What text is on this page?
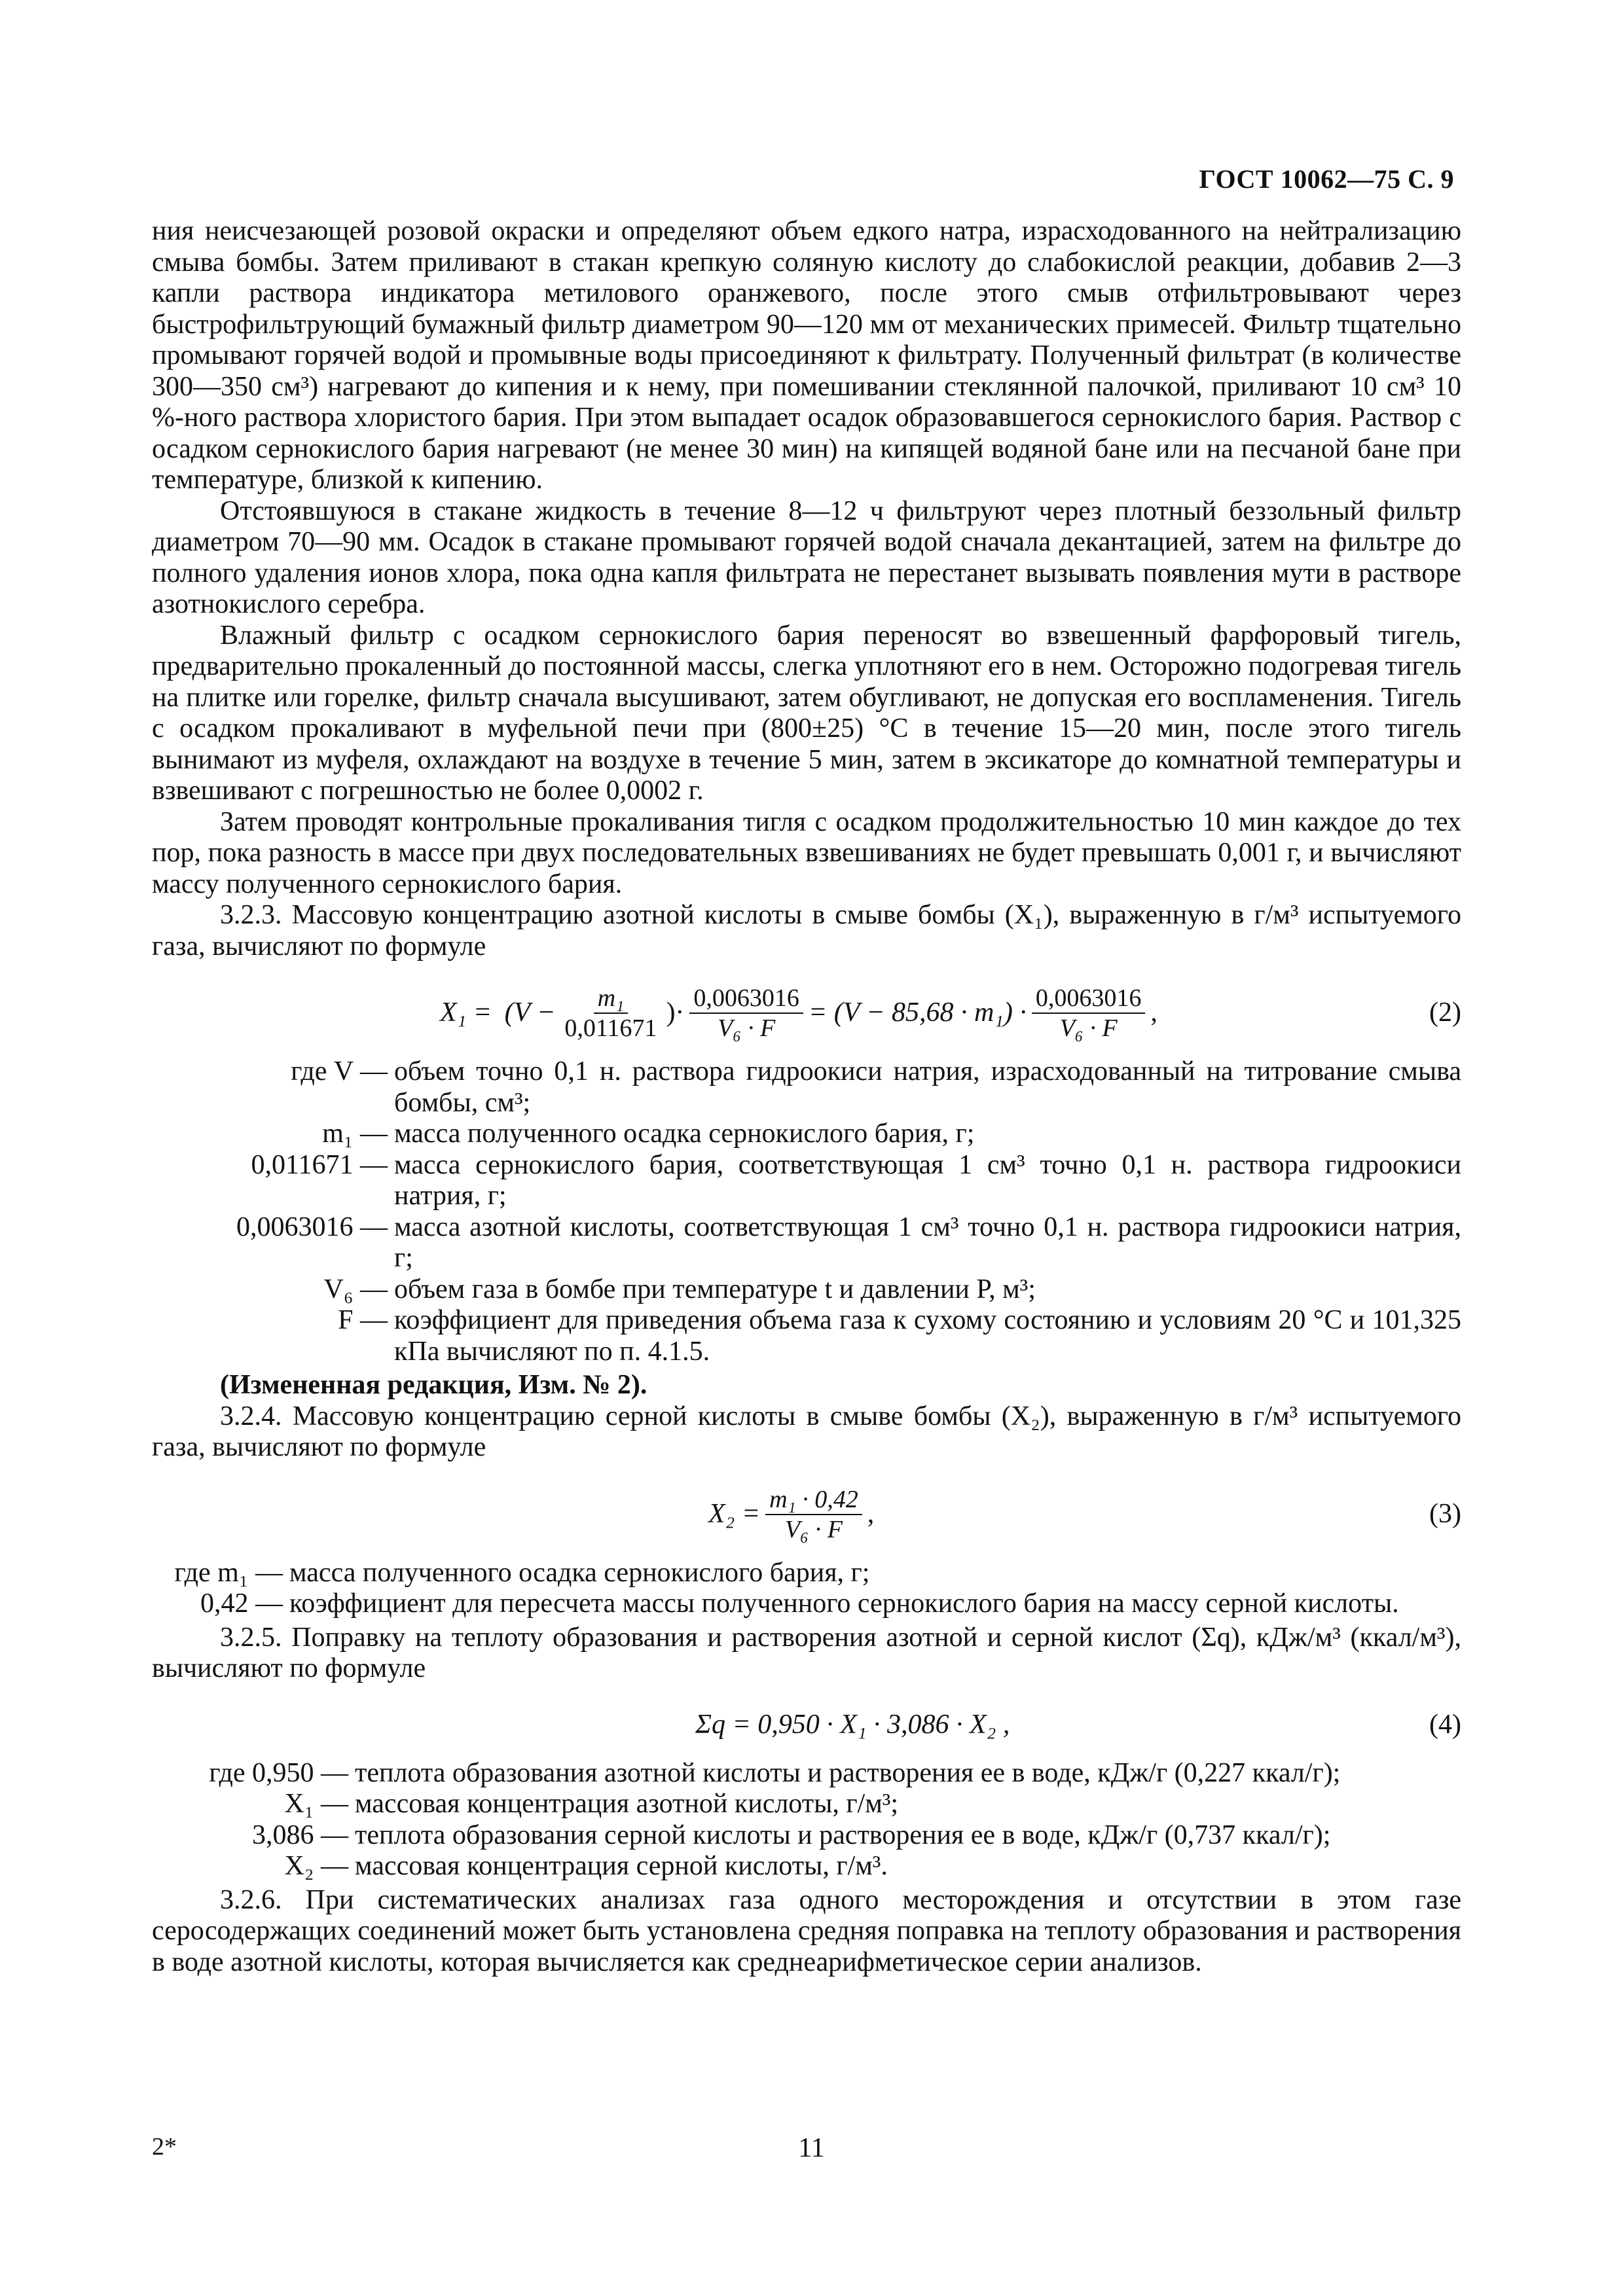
ГОСТ 10062—75 С. 9

ния неисчезающей розовой окраски и определяют объем едкого натра, израсходованного на нейтрализацию смыва бомбы. Затем приливают в стакан крепкую соляную кислоту до слабокислой реакции, добавив 2—3 капли раствора индикатора метилового оранжевого, после этого смыв отфильтровывают через быстрофильтрующий бумажный фильтр диаметром 90—120 мм от механических примесей. Фильтр тщательно промывают горячей водой и промывные воды присоединяют к фильтрату. Полученный фильтрат (в количестве 300—350 см³) нагревают до кипения и к нему, при помешивании стеклянной палочкой, приливают 10 см³ 10 %-ного раствора хлористого бария. При этом выпадает осадок образовавшегося сернокислого бария. Раствор с осадком сернокислого бария нагревают (не менее 30 мин) на кипящей водяной бане или на песчаной бане при температуре, близкой к кипению.

Отстоявшуюся в стакане жидкость в течение 8—12 ч фильтруют через плотный беззольный фильтр диаметром 70—90 мм. Осадок в стакане промывают горячей водой сначала декантацией, затем на фильтре до полного удаления ионов хлора, пока одна капля фильтрата не перестанет вызывать появления мути в растворе азотнокислого серебра.

Влажный фильтр с осадком сернокислого бария переносят во взвешенный фарфоровый тигель, предварительно прокаленный до постоянной массы, слегка уплотняют его в нем. Осторожно подогревая тигель на плитке или горелке, фильтр сначала высушивают, затем обугливают, не допуская его воспламенения. Тигель с осадком прокаливают в муфельной печи при (800±25) °С в течение 15—20 мин, после этого тигель вынимают из муфеля, охлаждают на воздухе в течение 5 мин, затем в эксикаторе до комнатной температуры и взвешивают с погрешностью не более 0,0002 г.

Затем проводят контрольные прокаливания тигля с осадком продолжительностью 10 мин каждое до тех пор, пока разность в массе при двух последовательных взвешиваниях не будет превышать 0,001 г, и вычисляют массу полученного сернокислого бария.

3.2.3. Массовую концентрацию азотной кислоты в смыве бомбы (X₁), выраженную в г/м³ испытуемого газа, вычисляют по формуле

X₁ =
($V - \frac{\text{m₁}}{0,011671}$ )· $\frac{0,0063016}{\text{V₆ · F}} = (V - 85,68 \cdot m_1) \cdot \frac{0,0063016}{\text{V₆ · F}}$ ,	(2)
где V — объем точно 0,1 н. раствора гидроокиси натрия, израсходованный на титрование смыва бомбы, см³;
m₁ — масса полученного осадка сернокислого бария, г;
0,011671 — масса сернокислого бария, соответствующая 1 см³ точно 0,1 н. раствора гидроокиси натрия, г;
0,0063016 — масса азотной кислоты, соответствующая 1 см³ точно 0,1 н. раствора гидроокиси натрия, г;
V₆ — объем газа в бомбе при температуре t и давлении P, м³;
F — коэффициент для приведения объема газа к сухому состоянию и условиям 20 °С и 101,325 кПа вычисляют по п. 4.1.5.

(Измененная редакция, Изм. № 2).

3.2.4. Массовую концентрацию серной кислоты в смыве бомбы (X₂), выраженную в г/м³ испытуемого газа, вычисляют по формуле

$X_2 = \frac{\text{m₁ · 0,42}}{\text{V₆ · F}}$ ,	(3)
где m₁ — масса полученного осадка сернокислого бария, г;
0,42 — коэффициент для пересчета массы полученного сернокислого бария на массу серной кислоты.

3.2.5. Поправку на теплоту образования и растворения азотной и серной кислот (Σq), кДж/м³ (ккал/м³), вычисляют по формуле

Σq = 0,950 · X₁ · 3,086 · X₂ ,	(4)
где 0,950 — теплота образования азотной кислоты и растворения ее в воде, кДж/г (0,227 ккал/г);
X₁ — массовая концентрация азотной кислоты, г/м³;
3,086 — теплота образования серной кислоты и растворения ее в воде, кДж/г (0,737 ккал/г);
X₂ — массовая концентрация серной кислоты, г/м³.

3.2.6. При систематических анализах газа одного месторождения и отсутствии в этом газе серосодержащих соединений может быть установлена средняя поправка на теплоту образования и растворения в воде азотной кислоты, которая вычисляется как среднеарифметическое серии анализов.

2*	11
